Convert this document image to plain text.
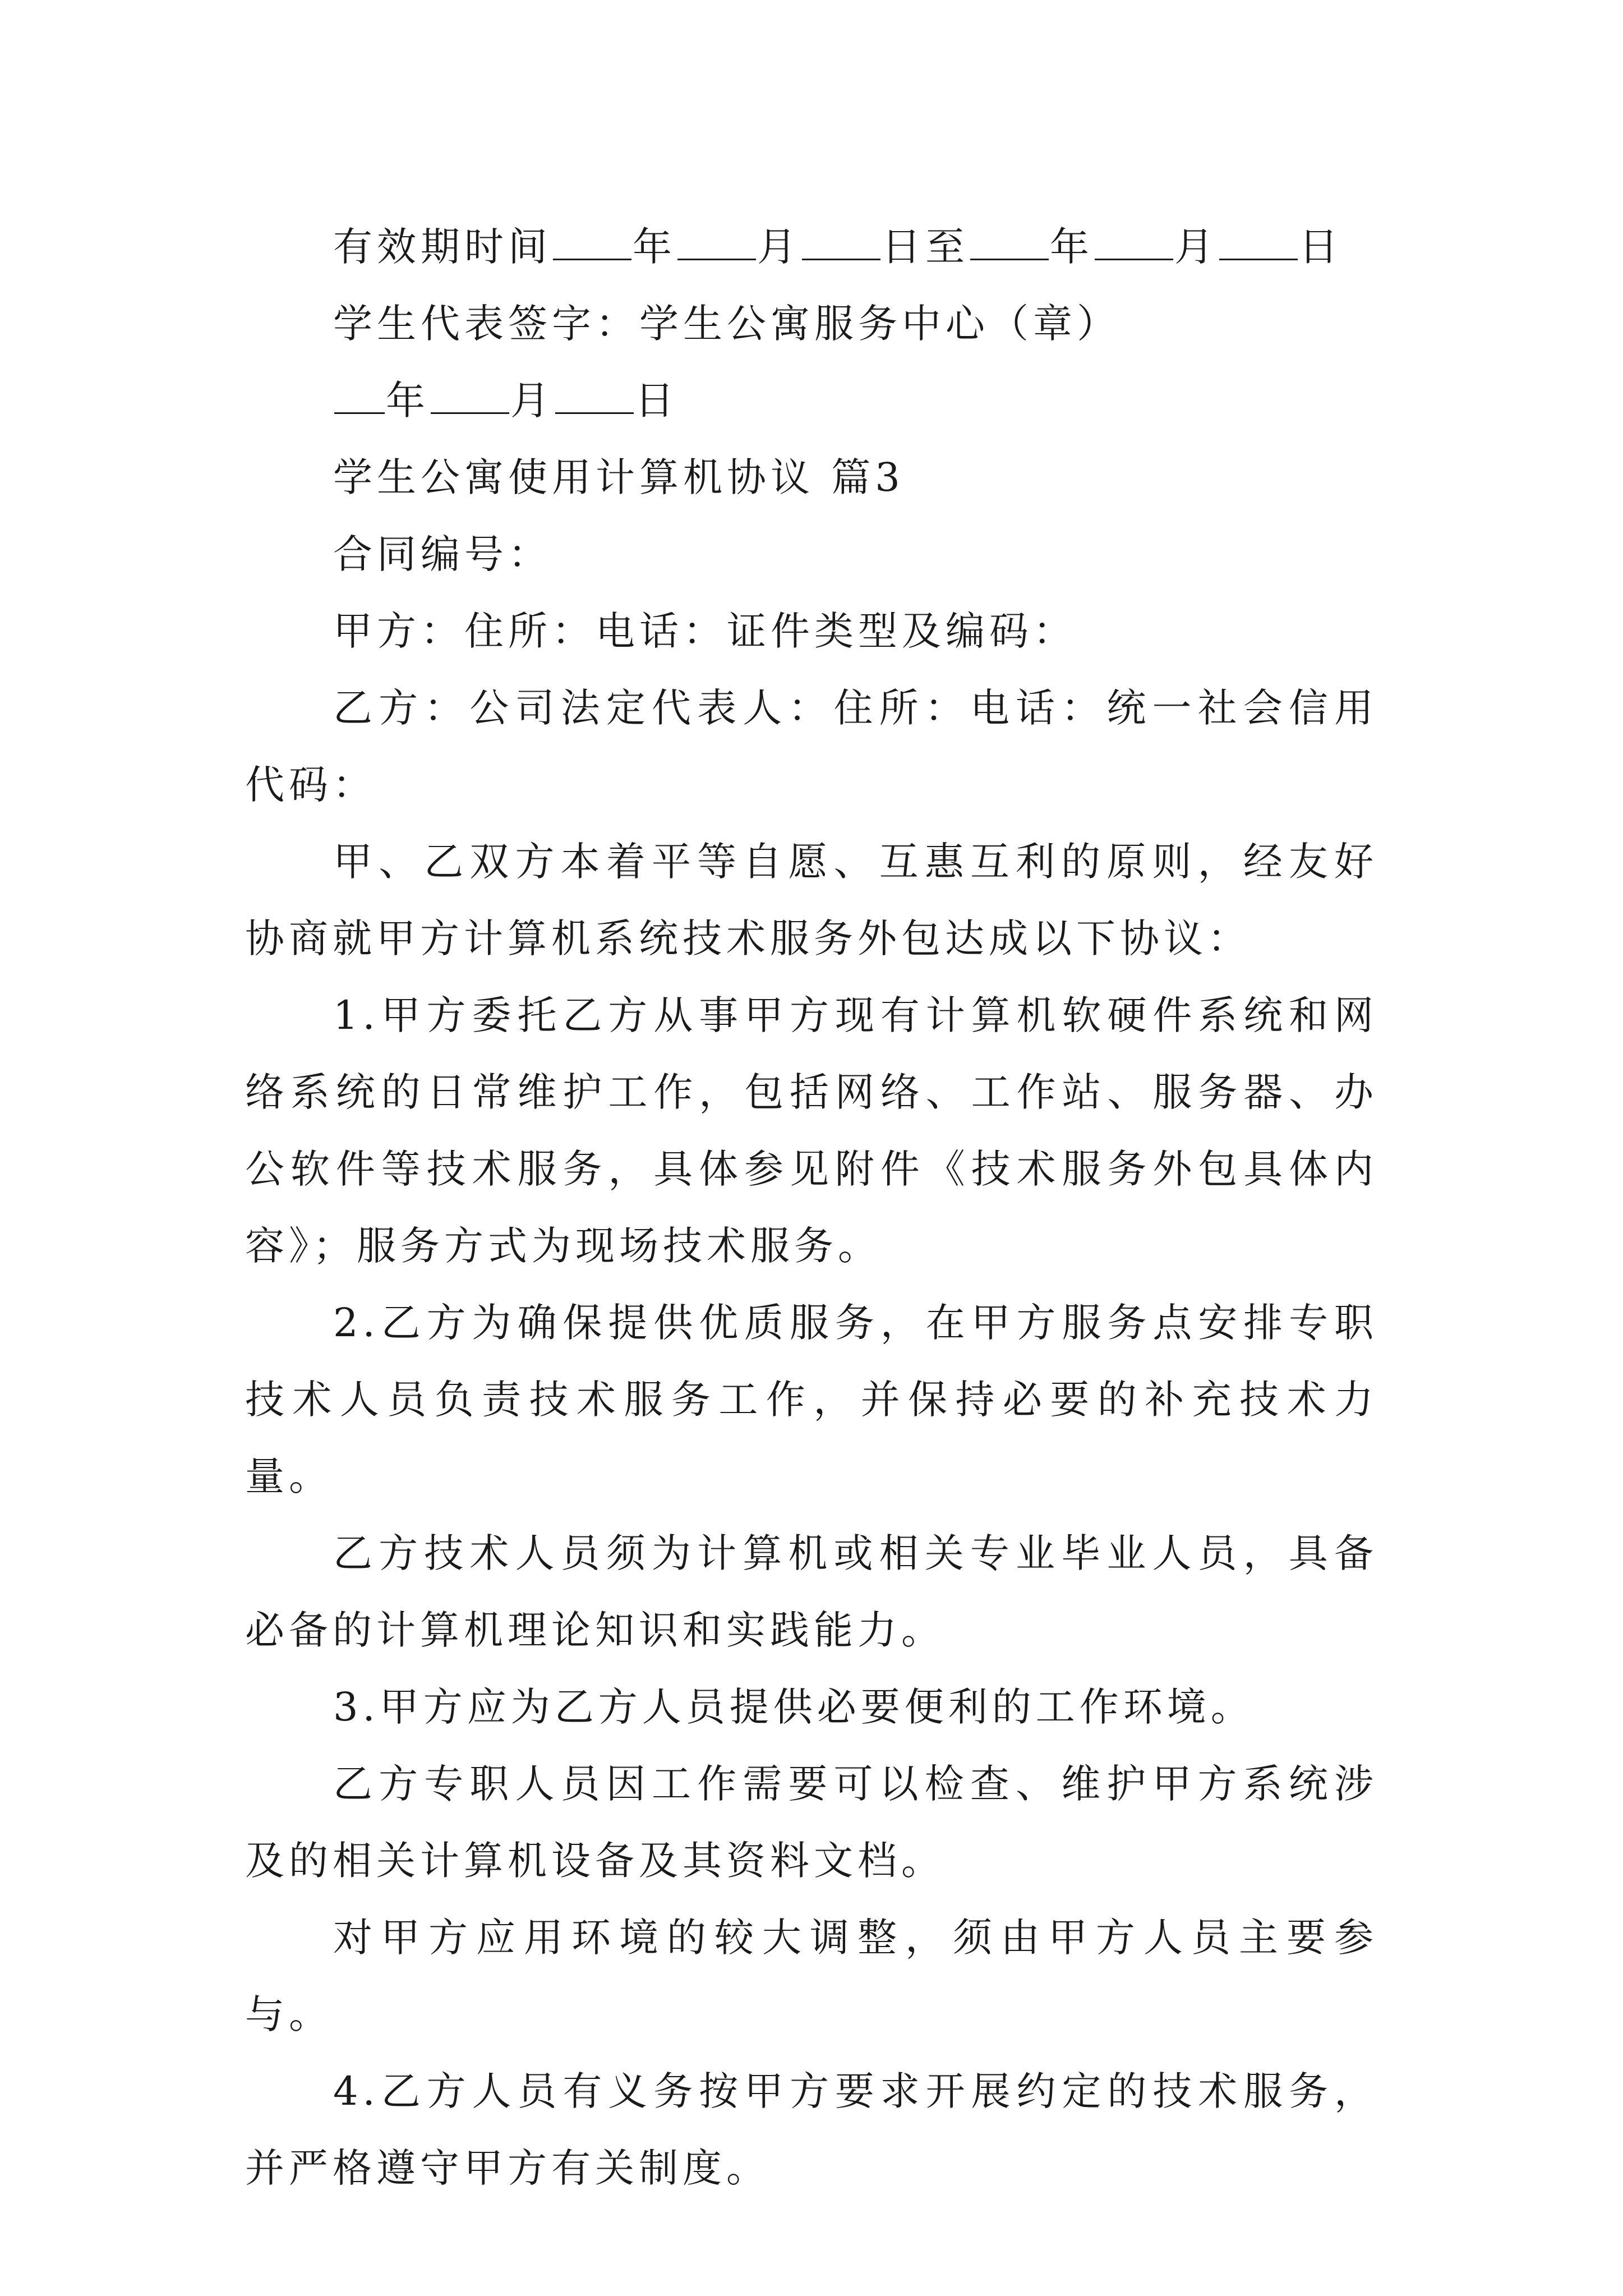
有效期时间 年 月 日至 年 月 日

学生代表签字：学生公寓服务中心（章）

年 月 日

学生公寓使用计算机协议 篇3

合同编号：

甲方：住所：电话：证件类型及编码：

乙方：公司法定代表人：住所：电话：统一社会信用代码：

甲、乙双方本着平等自愿、互惠互利的原则，经友好协商就甲方计算机系统技术服务外包达成以下协议：

1.甲方委托乙方从事甲方现有计算机软硬件系统和网络系统的日常维护工作，包括网络、工作站、服务器、办公软件等技术服务，具体参见附件《技术服务外包具体内容》；服务方式为现场技术服务。

2.乙方为确保提供优质服务，在甲方服务点安排专职技术人员负责技术服务工作，并保持必要的补充技术力量。

乙方技术人员须为计算机或相关专业毕业人员，具备必备的计算机理论知识和实践能力。

3.甲方应为乙方人员提供必要便利的工作环境。

乙方专职人员因工作需要可以检查、维护甲方系统涉及的相关计算机设备及其资料文档。

对甲方应用环境的较大调整，须由甲方人员主要参与。

4.乙方人员有义务按甲方要求开展约定的技术服务，并严格遵守甲方有关制度。
